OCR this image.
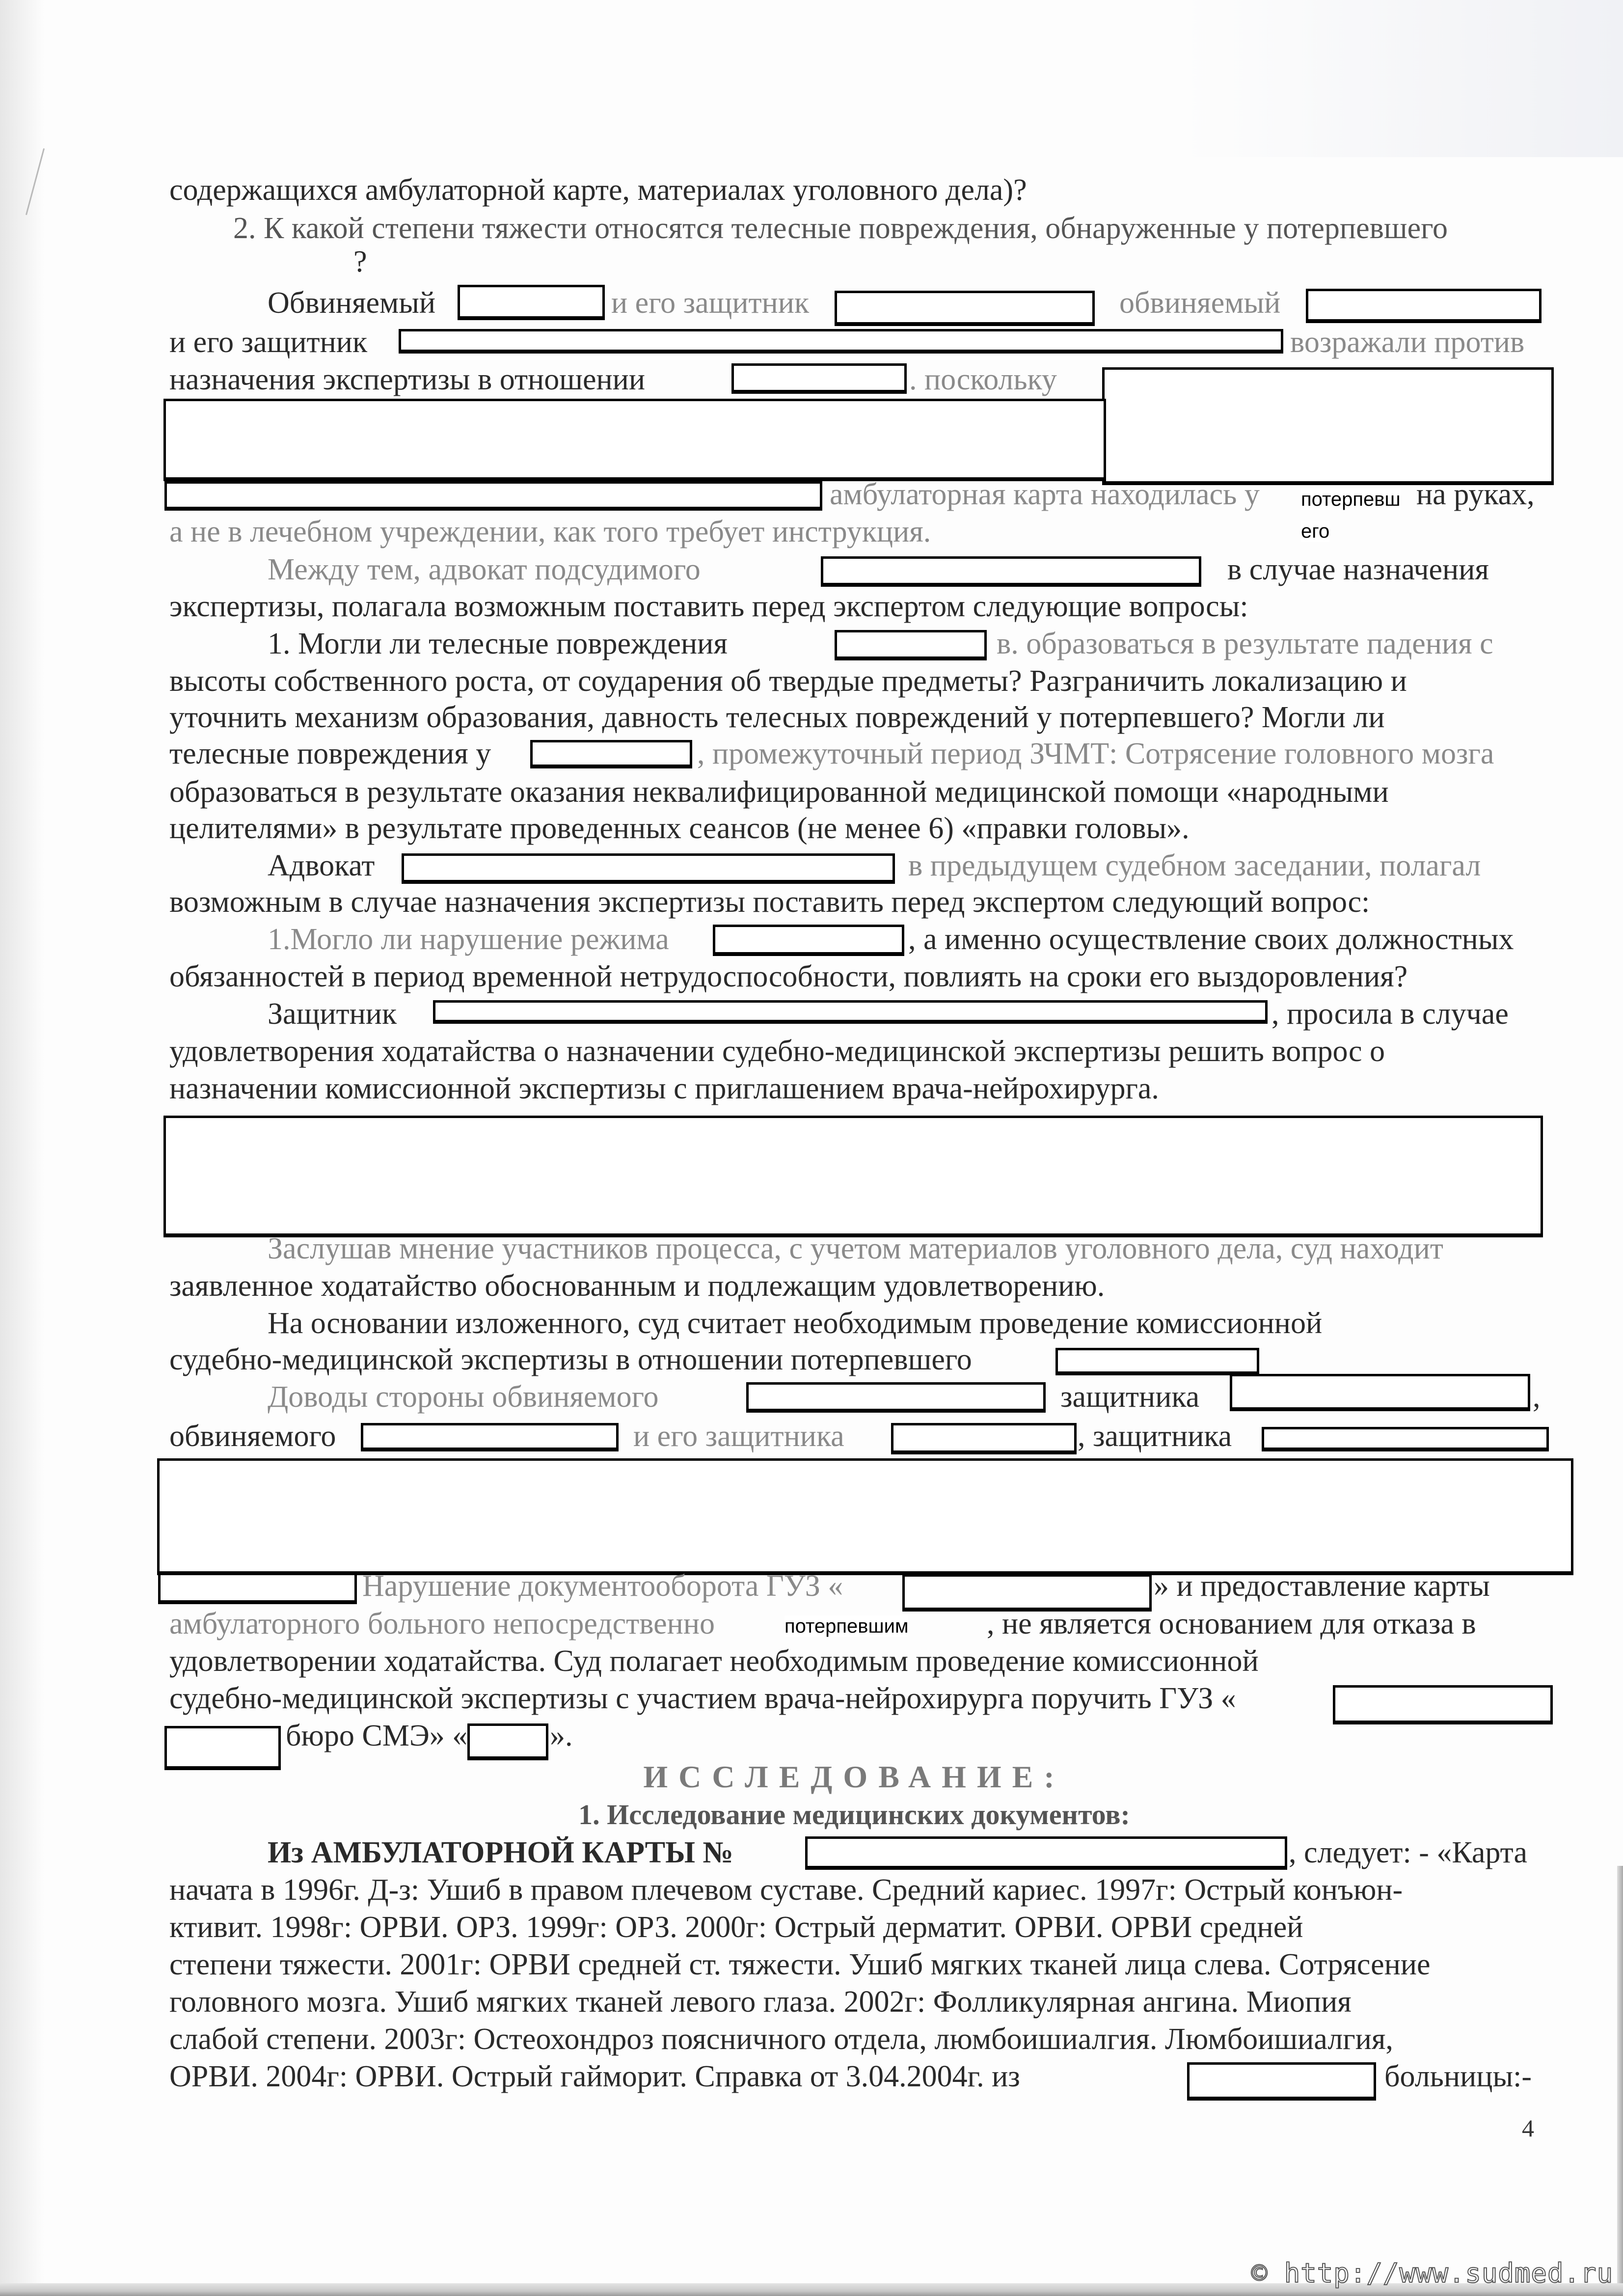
содержащихся амбулаторной карте, материалах уголовного дела)?
2. К какой степени тяжести относятся телесные повреждения, обнаруженные у потерпевшего
?
Обвиняемый	и его защитник	обвиняемый
и его защитник	возражали против
назначения экспертизы в отношении	. поскольку
амбулаторная карта находилась у	потерпевш на руках,
его
а не в лечебном учреждении, как того требует инструкция.
Между тем, адвокат подсудимого	в случае назначения
экспертизы, полагала возможным поставить перед экспертом следующие вопросы:
1. Могли ли телесные повреждения	в. образоваться в результате падения с
высоты собственного роста, от соударения об твердые предметы? Разграничить локализацию и
уточнить механизм образования, давность телесных повреждений у потерпевшего? Могли ли
телесные повреждения у	, промежуточный период ЗЧМТ: Сотрясение головного мозга
образоваться в результате оказания неквалифицированной медицинской помощи «народными
целителями» в результате проведенных сеансов (не менее 6) «правки головы».
Адвокат	в предыдущем судебном заседании, полагал
возможным в случае назначения экспертизы поставить перед экспертом следующий вопрос:
1.Могло ли нарушение режима	, а именно осуществление своих должностных
обязанностей в период временной нетрудоспособности, повлиять на сроки его выздоровления?
Защитник	, просила в случае
удовлетворения ходатайства о назначении судебно-медицинской экспертизы решить вопрос о
назначении комиссионной экспертизы с приглашением врача-нейрохирурга.
Заслушав мнение участников процесса, с учетом материалов уголовного дела, суд находит
заявленное ходатайство обоснованным и подлежащим удовлетворению.
На основании изложенного, суд считает необходимым проведение комиссионной
судебно-медицинской экспертизы в отношении потерпевшего
Доводы стороны обвиняемого	защитника	,
обвиняемого	и его защитника	, защитника
Нарушение документооборота ГУЗ «	» и предоставление карты
амбулаторного больного непосредственно	потерпевшим	, не является основанием для отказа в
удовлетворении ходатайства. Суд полагает необходимым проведение комиссионной
судебно-медицинской экспертизы с участием врача-нейрохирурга поручить ГУЗ «
бюро СМЭ» «	».
ИССЛЕДОВАНИЕ:
1. Исследование медицинских документов:
Из АМБУЛАТОРНОЙ КАРТЫ №	, следует: - «Карта
начата в 1996г. Д-з: Ушиб в правом плечевом суставе. Средний кариес. 1997г: Острый конъюн-
ктивит. 1998г: ОРВИ. ОРЗ. 1999г: ОРЗ. 2000г: Острый дерматит. ОРВИ. ОРВИ средней
степени тяжести. 2001г: ОРВИ средней ст. тяжести. Ушиб мягких тканей лица слева. Сотрясение
головного мозга. Ушиб мягких тканей левого глаза. 2002г: Фолликулярная ангина. Миопия
слабой степени. 2003г: Остеохондроз поясничного отдела, люмбоишиалгия. Люмбоишиалгия,
ОРВИ. 2004г: ОРВИ. Острый гайморит. Справка от 3.04.2004г. из	больницы:-
4
© http://www.sudmed.ru
